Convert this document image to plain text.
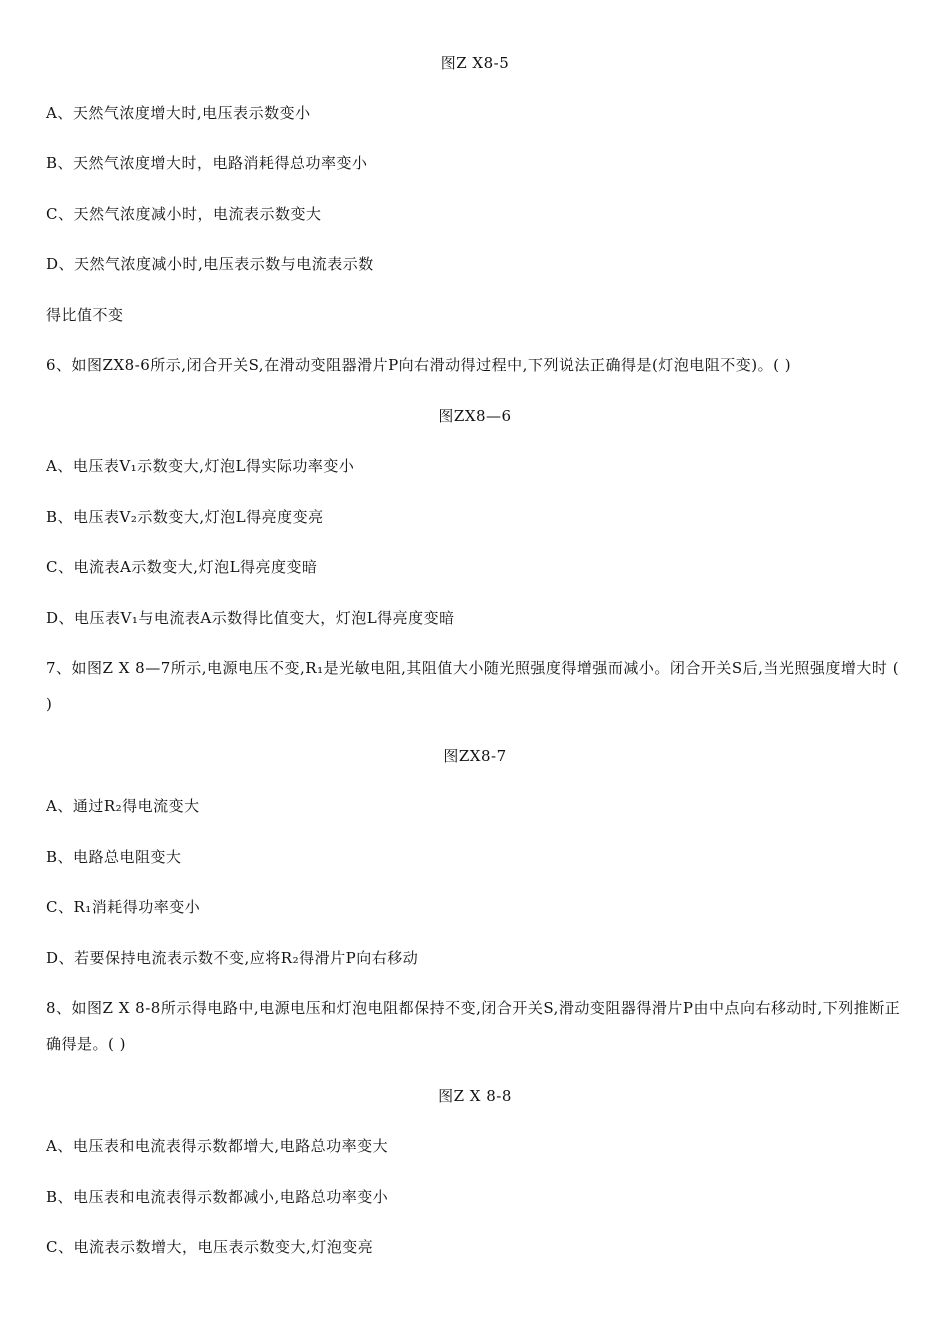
图Z X8-5
A、天然气浓度增大时,电压表示数变小
B、天然气浓度增大时，电路消耗得总功率变小
C、天然气浓度减小时，电流表示数变大
D、天然气浓度减小时,电压表示数与电流表示数
得比值不变
6、如图ZX8-6所示,闭合开关S,在滑动变阻器滑片P向右滑动得过程中,下列说法正确得是(灯泡电阻不变)。( )
图ZX8—6
A、电压表V₁示数变大,灯泡L得实际功率变小
B、电压表V₂示数变大,灯泡L得亮度变亮
C、电流表A示数变大,灯泡L得亮度变暗
D、电压表V₁与电流表A示数得比值变大，灯泡L得亮度变暗
7、如图Z X 8—7所示,电源电压不变,R₁是光敏电阻,其阻值大小随光照强度得增强而减小。闭合开关S后,当光照强度增大时 ( )
图ZX8-7
A、通过R₂得电流变大
B、电路总电阻变大
C、R₁消耗得功率变小
D、若要保持电流表示数不变,应将R₂得滑片P向右移动
8、如图Z X 8-8所示得电路中,电源电压和灯泡电阻都保持不变,闭合开关S,滑动变阻器得滑片P由中点向右移动时,下列推断正确得是。( )
图Z X 8-8
A、电压表和电流表得示数都增大,电路总功率变大
B、电压表和电流表得示数都减小,电路总功率变小
C、电流表示数增大，电压表示数变大,灯泡变亮
